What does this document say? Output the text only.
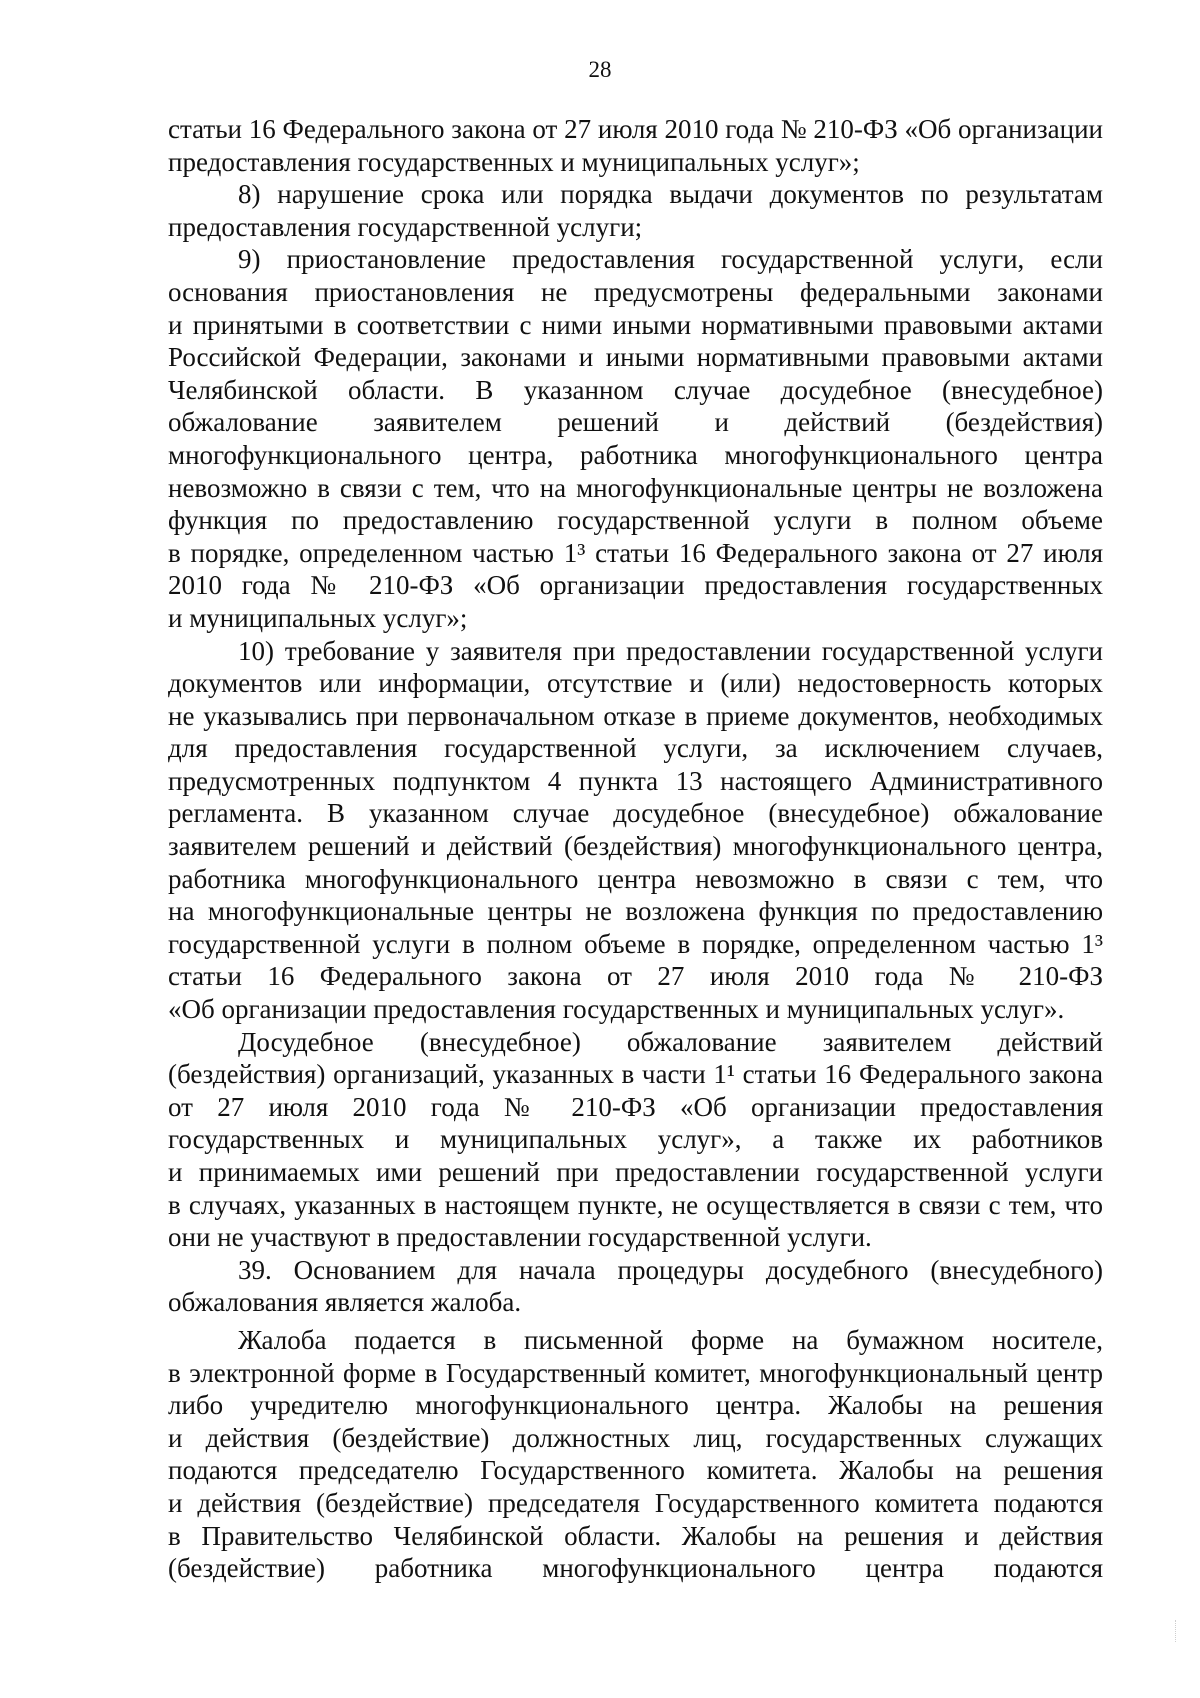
28
статьи 16 Федерального закона от 27 июля 2010 года № 210-ФЗ «Об организации
предоставления государственных и муниципальных услуг»;
8) нарушение срока или порядка выдачи документов по результатам
предоставления государственной услуги;
9) приостановление предоставления государственной услуги, если
основания приостановления не предусмотрены федеральными законами
и принятыми в соответствии с ними иными нормативными правовыми актами
Российской Федерации, законами и иными нормативными правовыми актами
Челябинской области. В указанном случае досудебное (внесудебное)
обжалование заявителем решений и действий (бездействия)
многофункционального центра, работника многофункционального центра
невозможно в связи с тем, что на многофункциональные центры не возложена
функция по предоставлению государственной услуги в полном объеме
в порядке, определенном частью 1³ статьи 16 Федерального закона от 27 июля
2010 года № 210-ФЗ «Об организации предоставления государственных
и муниципальных услуг»;
10) требование у заявителя при предоставлении государственной услуги
документов или информации, отсутствие и (или) недостоверность которых
не указывались при первоначальном отказе в приеме документов, необходимых
для предоставления государственной услуги, за исключением случаев,
предусмотренных подпунктом 4 пункта 13 настоящего Административного
регламента. В указанном случае досудебное (внесудебное) обжалование
заявителем решений и действий (бездействия) многофункционального центра,
работника многофункционального центра невозможно в связи с тем, что
на многофункциональные центры не возложена функция по предоставлению
государственной услуги в полном объеме в порядке, определенном частью 1³
статьи 16 Федерального закона от 27 июля 2010 года № 210-ФЗ
«Об организации предоставления государственных и муниципальных услуг».
Досудебное (внесудебное) обжалование заявителем действий
(бездействия) организаций, указанных в части 1¹ статьи 16 Федерального закона
от 27 июля 2010 года № 210-ФЗ «Об организации предоставления
государственных и муниципальных услуг», а также их работников
и принимаемых ими решений при предоставлении государственной услуги
в случаях, указанных в настоящем пункте, не осуществляется в связи с тем, что
они не участвуют в предоставлении государственной услуги.
39. Основанием для начала процедуры досудебного (внесудебного)
обжалования является жалоба.
Жалоба подается в письменной форме на бумажном носителе,
в электронной форме в Государственный комитет, многофункциональный центр
либо учредителю многофункционального центра. Жалобы на решения
и действия (бездействие) должностных лиц, государственных служащих
подаются председателю Государственного комитета. Жалобы на решения
и действия (бездействие) председателя Государственного комитета подаются
в Правительство Челябинской области. Жалобы на решения и действия
(бездействие) работника многофункционального центра подаются
